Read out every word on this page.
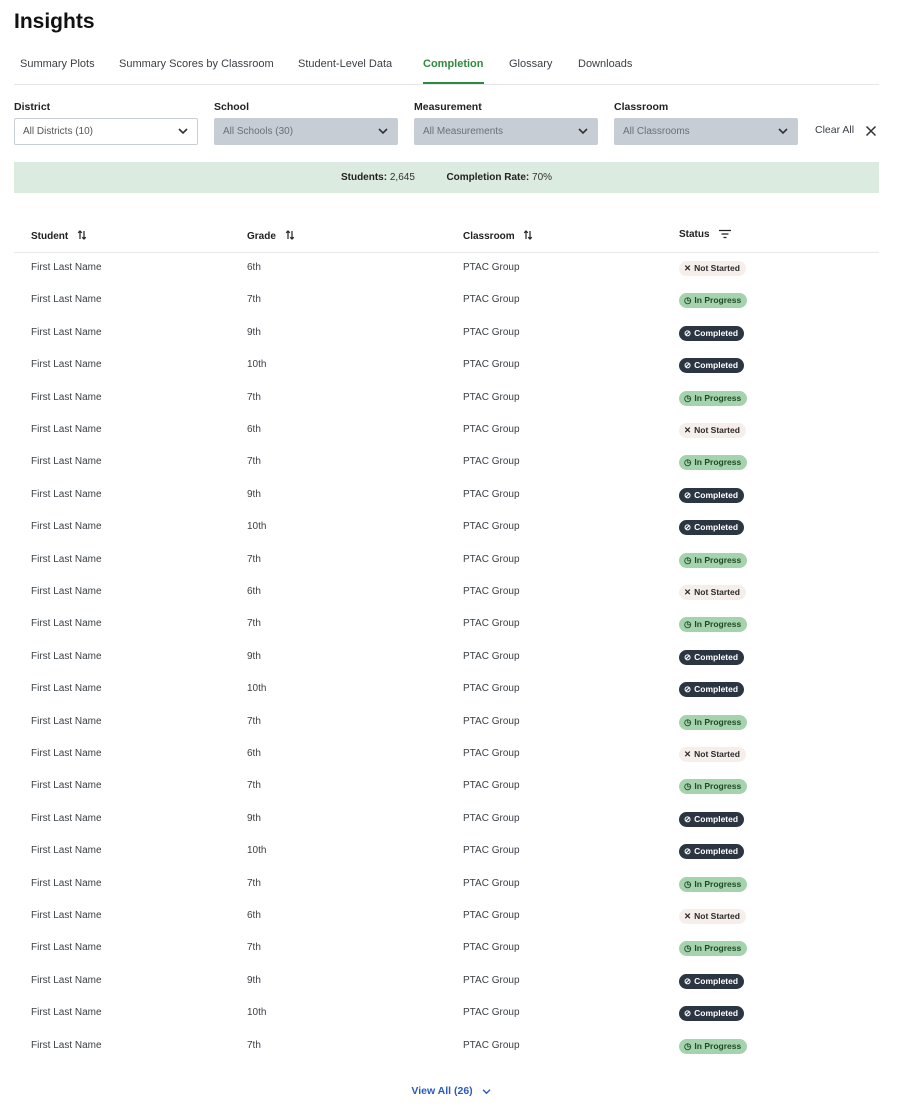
Insights
Summary Plots Summary Scores by Classroom Student-Level Data	Completion Glossary Downloads
District
All Districts (10)
School
All Schools (30)
Measurement
All Measurements
Classroom
All Classrooms	Clear All
Students: 2,645	Completion Rate: 70%
Student	Grade	Classroom	Status
First Last Name	6th	PTAC Group	✕ Not Started
First Last Name	7th	PTAC Group	◷ In Progress
First Last Name	9th	PTAC Group	⊘ Completed
First Last Name	10th	PTAC Group	⊘ Completed
First Last Name	7th	PTAC Group	◷ In Progress
First Last Name	6th	PTAC Group	✕ Not Started
First Last Name	7th	PTAC Group	◷ In Progress
First Last Name	9th	PTAC Group	⊘ Completed
First Last Name	10th	PTAC Group	⊘ Completed
First Last Name	7th	PTAC Group	◷ In Progress
First Last Name	6th	PTAC Group	✕ Not Started
First Last Name	7th	PTAC Group	◷ In Progress
First Last Name	9th	PTAC Group	⊘ Completed
First Last Name	10th	PTAC Group	⊘ Completed
First Last Name	7th	PTAC Group	◷ In Progress
First Last Name	6th	PTAC Group	✕ Not Started
First Last Name	7th	PTAC Group	◷ In Progress
First Last Name	9th	PTAC Group	⊘ Completed
First Last Name	10th	PTAC Group	⊘ Completed
First Last Name	7th	PTAC Group	◷ In Progress
First Last Name	6th	PTAC Group	✕ Not Started
First Last Name	7th	PTAC Group	◷ In Progress
First Last Name	9th	PTAC Group	⊘ Completed
First Last Name	10th	PTAC Group	⊘ Completed
First Last Name	7th	PTAC Group	◷ In Progress
View All (26)
